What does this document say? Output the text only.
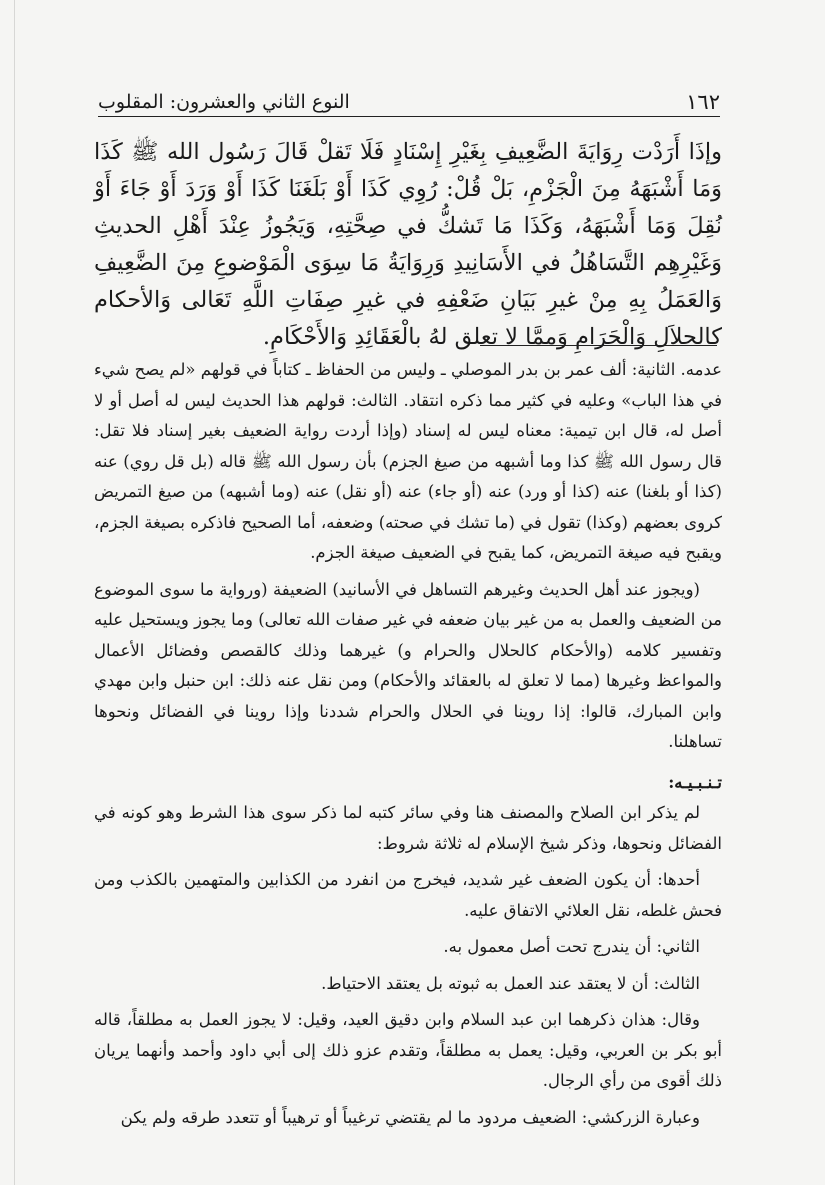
١٦٢
النوع الثاني والعشرون: المقلوب
وإذَا أَرَدْت رِوَايَةَ الضَّعِيفِ بِغَيْرِ إِسْنَادٍ فَلَا تَقلْ قَالَ رَسُول الله ﷺ كَذَا وَمَا أَشْبَهَهُ مِنَ الْجَزْمِ، بَلْ قُلْ: رُوِي كَذَا أَوْ بَلَغَنَا كَذَا أَوْ وَرَدَ أَوْ جَاءَ أَوْ نُقِلَ وَمَا أَشْبَهَهُ، وَكَذَا مَا تَشكُّ في صِحَّتِهِ، وَيَجُوزُ عِنْدَ أَهْلِ الحديثِ وَغَيْرِهِم التَّسَاهُلُ في الأَسَانِيدِ وَرِوَايَةُ مَا سِوَى الْمَوْضوعِ مِنَ الضَّعِيفِ وَالعَمَلُ بِهِ مِنْ غيرِ بَيَانِ ضَعْفِهِ في غيرِ صِفَاتِ اللَّهِ تَعَالى وَالأحكام كالحلاَلِ وَالْحَرَامِ وَممَّا لا تعلق لهُ بالْعَقَائِدِ وَالأَحْكَامِ.

عدمه. الثانية: ألف عمر بن بدر الموصلي ـ وليس من الحفاظ ـ كتاباً في قولهم «لم يصح شيء في هذا الباب» وعليه في كثير مما ذكره انتقاد. الثالث: قولهم هذا الحديث ليس له أصل أو لا أصل له، قال ابن تيمية: معناه ليس له إسناد (وإذا أردت رواية الضعيف بغير إسناد فلا تقل: قال رسول الله ﷺ كذا وما أشبهه من صيغ الجزم) بأن رسول الله ﷺ قاله (بل قل روي) عنه (كذا أو بلغنا) عنه (كذا أو ورد) عنه (أو جاء) عنه (أو نقل) عنه (وما أشبهه) من صيغ التمريض كروى بعضهم (وكذا) تقول في (ما تشك في صحته) وضعفه، أما الصحيح فاذكره بصيغة الجزم، ويقبح فيه صيغة التمريض، كما يقبح في الضعيف صيغة الجزم.

(ويجوز عند أهل الحديث وغيرهم التساهل في الأسانيد) الضعيفة (ورواية ما سوى الموضوع من الضعيف والعمل به من غير بيان ضعفه في غير صفات الله تعالى) وما يجوز ويستحيل عليه وتفسير كلامه (والأحكام كالحلال والحرام و) غيرهما وذلك كالقصص وفضائل الأعمال والمواعظ وغيرها (مما لا تعلق له بالعقائد والأحكام) ومن نقل عنه ذلك: ابن حنبل وابن مهدي وابن المبارك، قالوا: إذا روينا في الحلال والحرام شددنا وإذا روينا في الفضائل ونحوها تساهلنا.

تـنـبـيـه:

لم يذكر ابن الصلاح والمصنف هنا وفي سائر كتبه لما ذكر سوى هذا الشرط وهو كونه في الفضائل ونحوها، وذكر شيخ الإسلام له ثلاثة شروط:

أحدها: أن يكون الضعف غير شديد، فيخرج من انفرد من الكذابين والمتهمين بالكذب ومن فحش غلطه، نقل العلائي الاتفاق عليه.

الثاني: أن يندرج تحت أصل معمول به.

الثالث: أن لا يعتقد عند العمل به ثبوته بل يعتقد الاحتياط.

وقال: هذان ذكرهما ابن عبد السلام وابن دقيق العيد، وقيل: لا يجوز العمل به مطلقاً، قاله أبو بكر بن العربي، وقيل: يعمل به مطلقاً، وتقدم عزو ذلك إلى أبي داود وأحمد وأنهما يريان ذلك أقوى من رأي الرجال.

وعبارة الزركشي: الضعيف مردود ما لم يقتضي ترغيباً أو ترهيباً أو تتعدد طرقه ولم يكن
